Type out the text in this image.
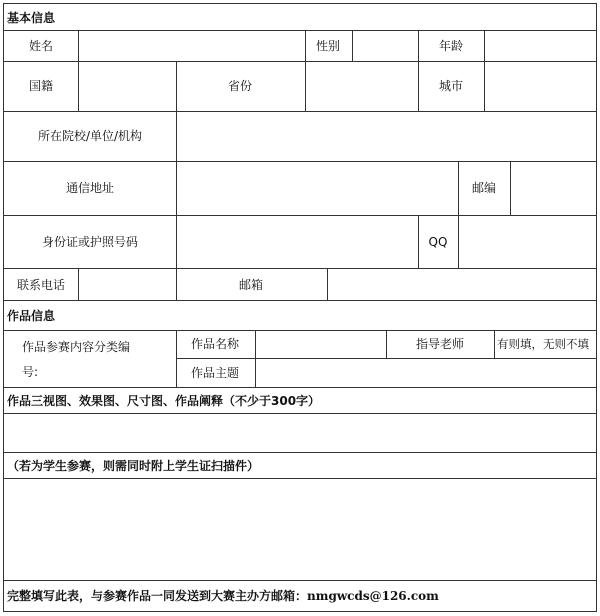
基本信息
姓名	性别	年龄
国籍	省份	城市
所在院校/单位/机构
通信地址	邮编
身份证或护照号码	QQ
联系电话	邮箱
作品信息
作品参赛内容分类编
号:
作品名称	指导老师	有则填，无则不填
作品主题
作品三视图、效果图、尺寸图、作品阐释（不少于300字）
（若为学生参赛，则需同时附上学生证扫描件）
完整填写此表，与参赛作品一同发送到大赛主办方邮箱：nmgwcds@126.com
